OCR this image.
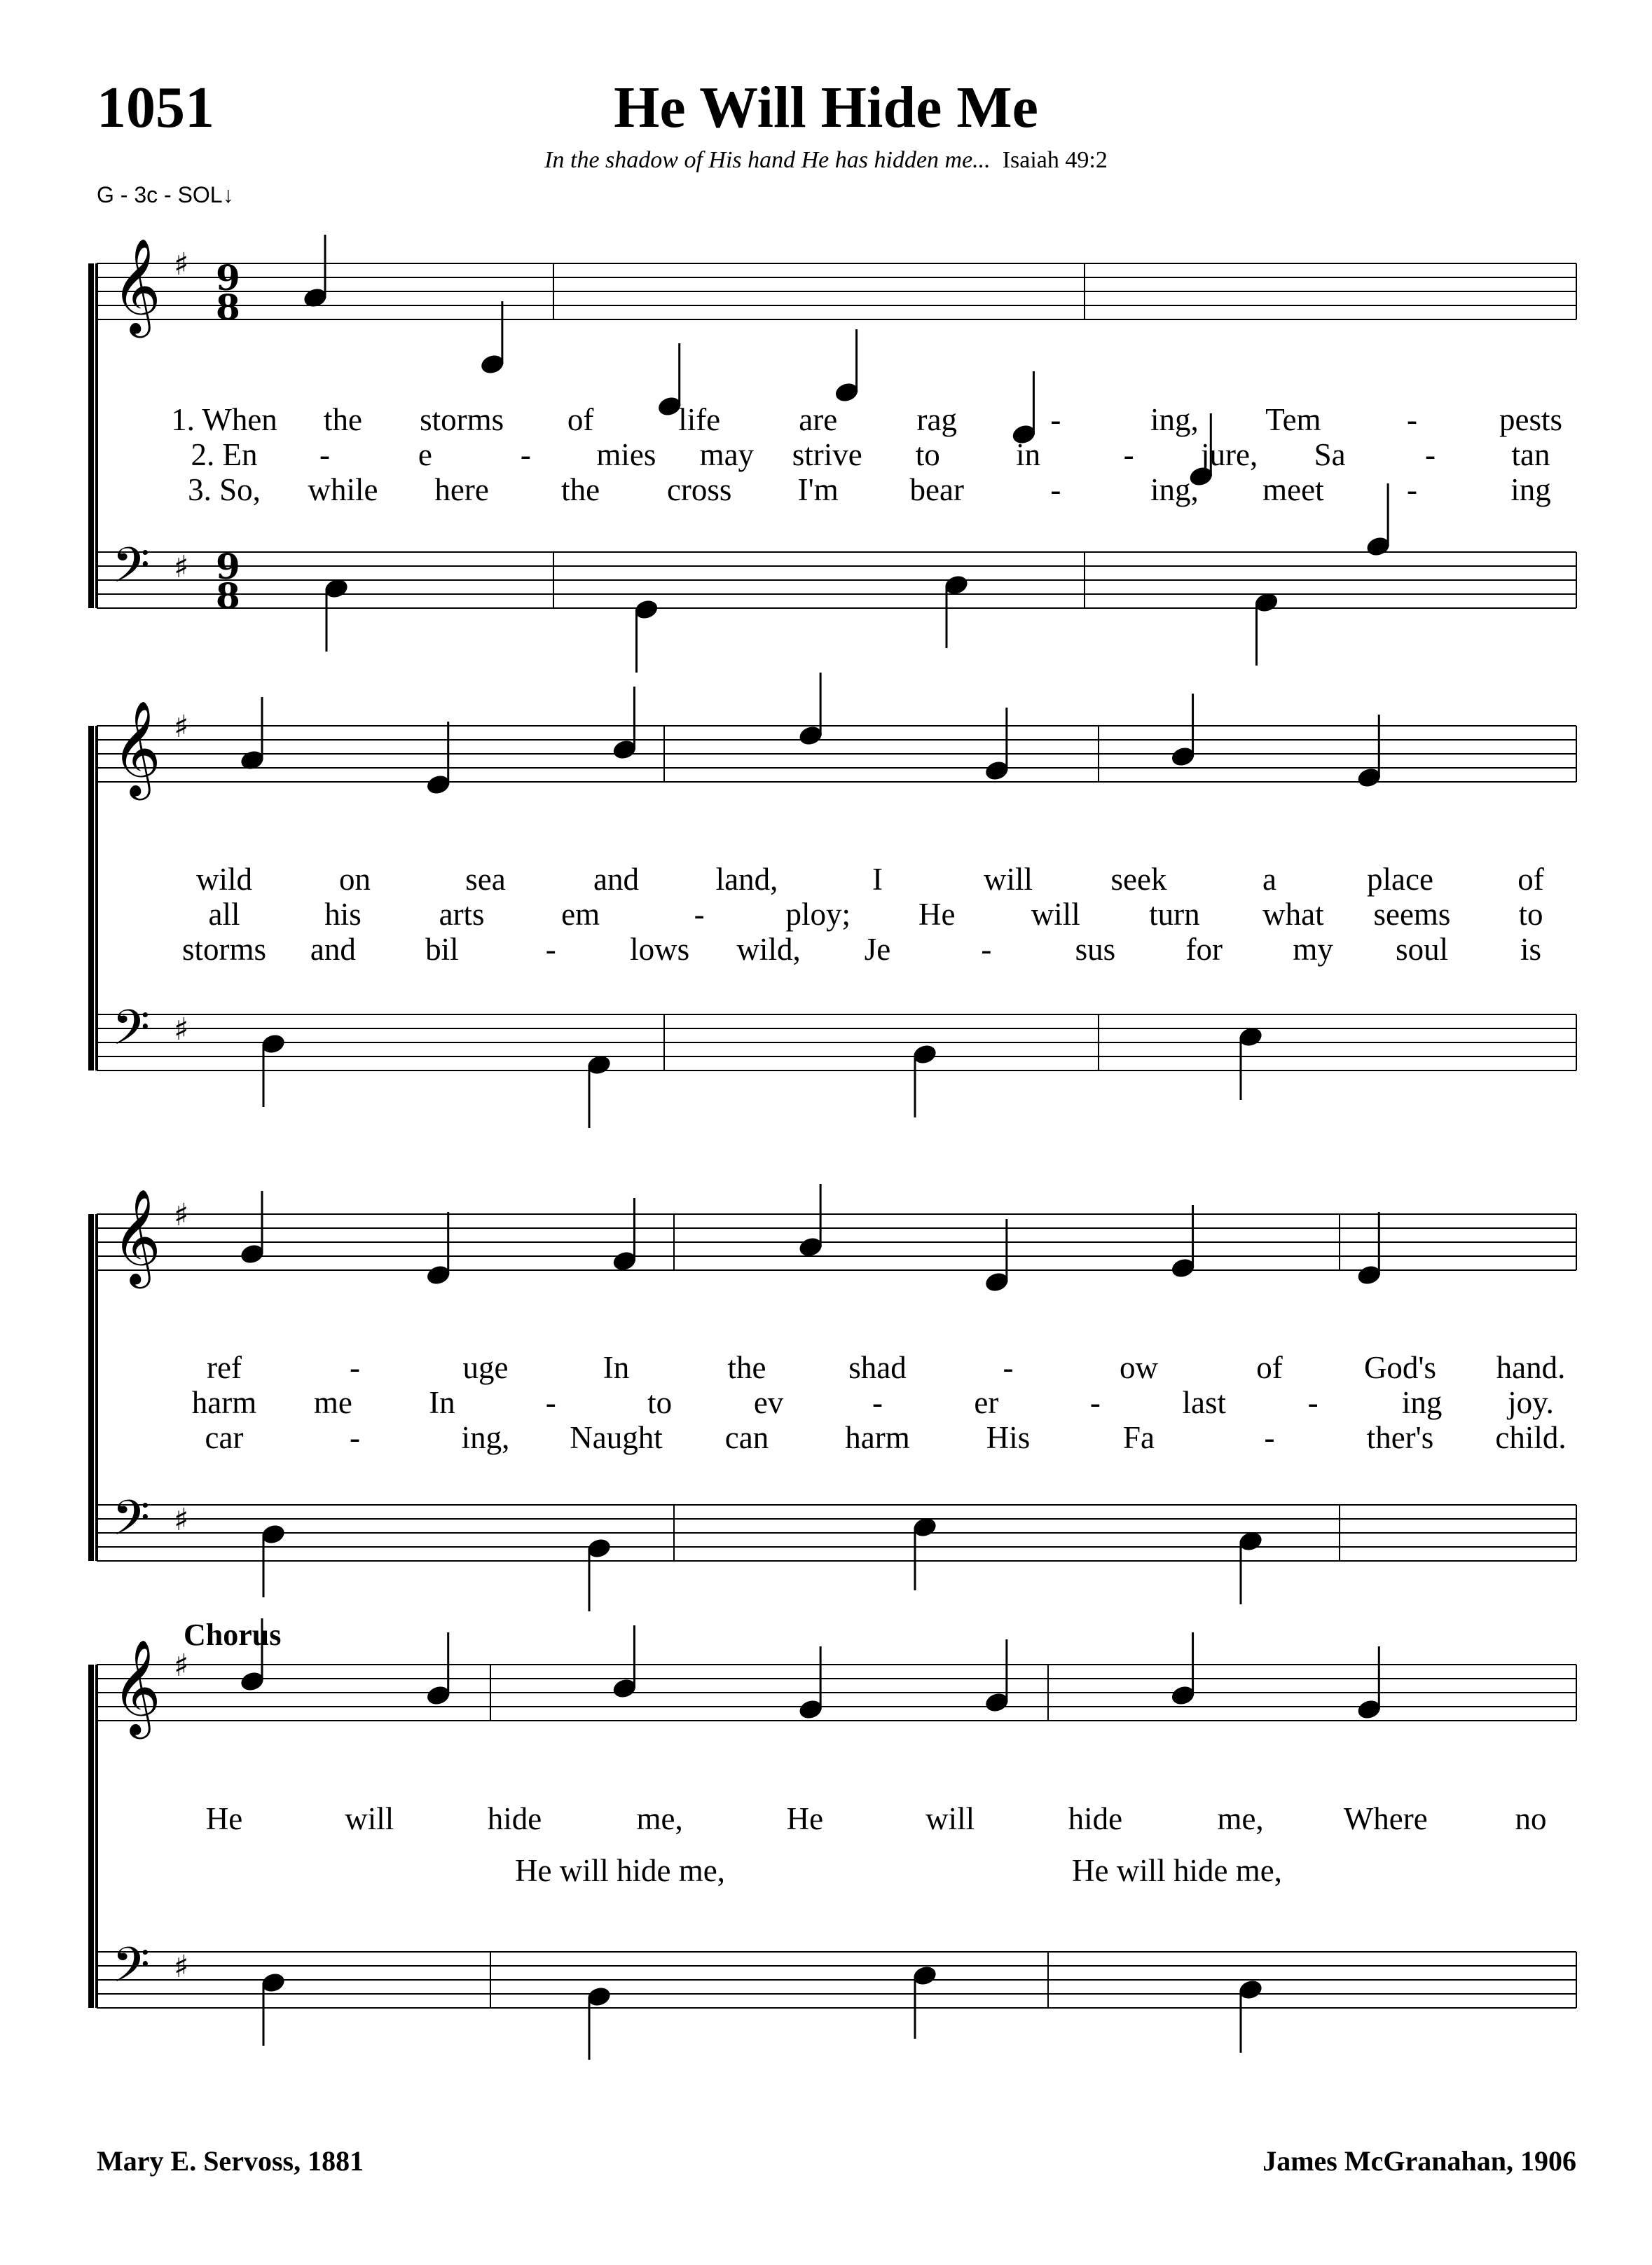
1051	He Will Hide Me
In the shadow of His hand He has hidden me... Isaiah 49:2
G - 3c - SOL↓
𝄞 ♯ 9
8
𝄢 ♯ 9
8
1. When the storms of	life are	rag	-	ing, Tem	-	pests
2. En -	e	- mies may strive to in	- jure, Sa	- tan
3. So, while here the cross I'm bear	-	ing, meet	-	ing
𝄞 ♯
𝄢 ♯
wild	on	sea	and land,	I	will seek	a	place	of
all	his arts em	-	ploy; He will turn what seems to
storms and bil	- lows wild, Je	-	sus for my soul is
𝄞 ♯
𝄢 ♯
ref	-	uge	In	the	shad	-	ow	of	God's hand.
harm me In	-	to	ev	-	er	-	last	-	ing joy.
car	-	ing, Naught can harm His	Fa	-	ther's child.
𝄞 ♯
𝄢 ♯
He	will	hide	me,	He	will	hide	me,	Where	no
He will hide me,	He will hide me,
Chorus
Mary E. Servoss, 1881	James McGranahan, 1906
